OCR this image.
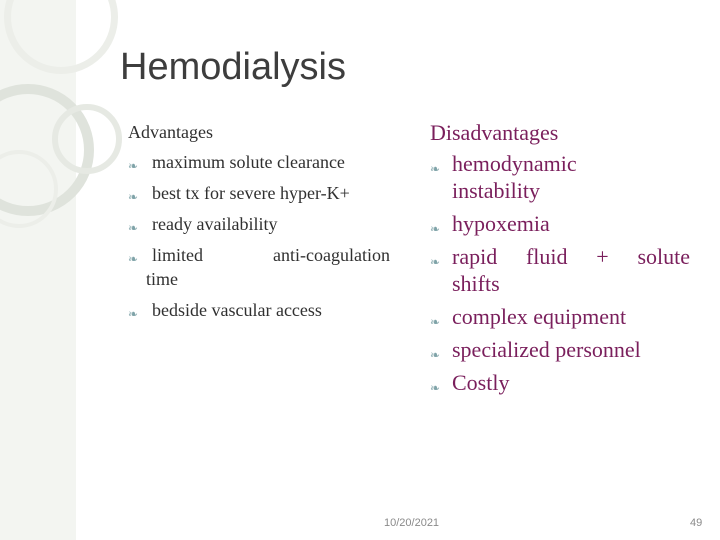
Hemodialysis
Advantages
❧ maximum solute clearance
❧ best tx for severe hyper-K+
❧ ready availability
❧ limited anti-coagulation
time
❧ bedside vascular access
Disadvantages
❧ hemodynamic
instability
❧ hypoxemia
❧ rapid fluid + solute
shifts
❧ complex equipment
❧ specialized personnel
❧ Costly
10/20/2021	49
